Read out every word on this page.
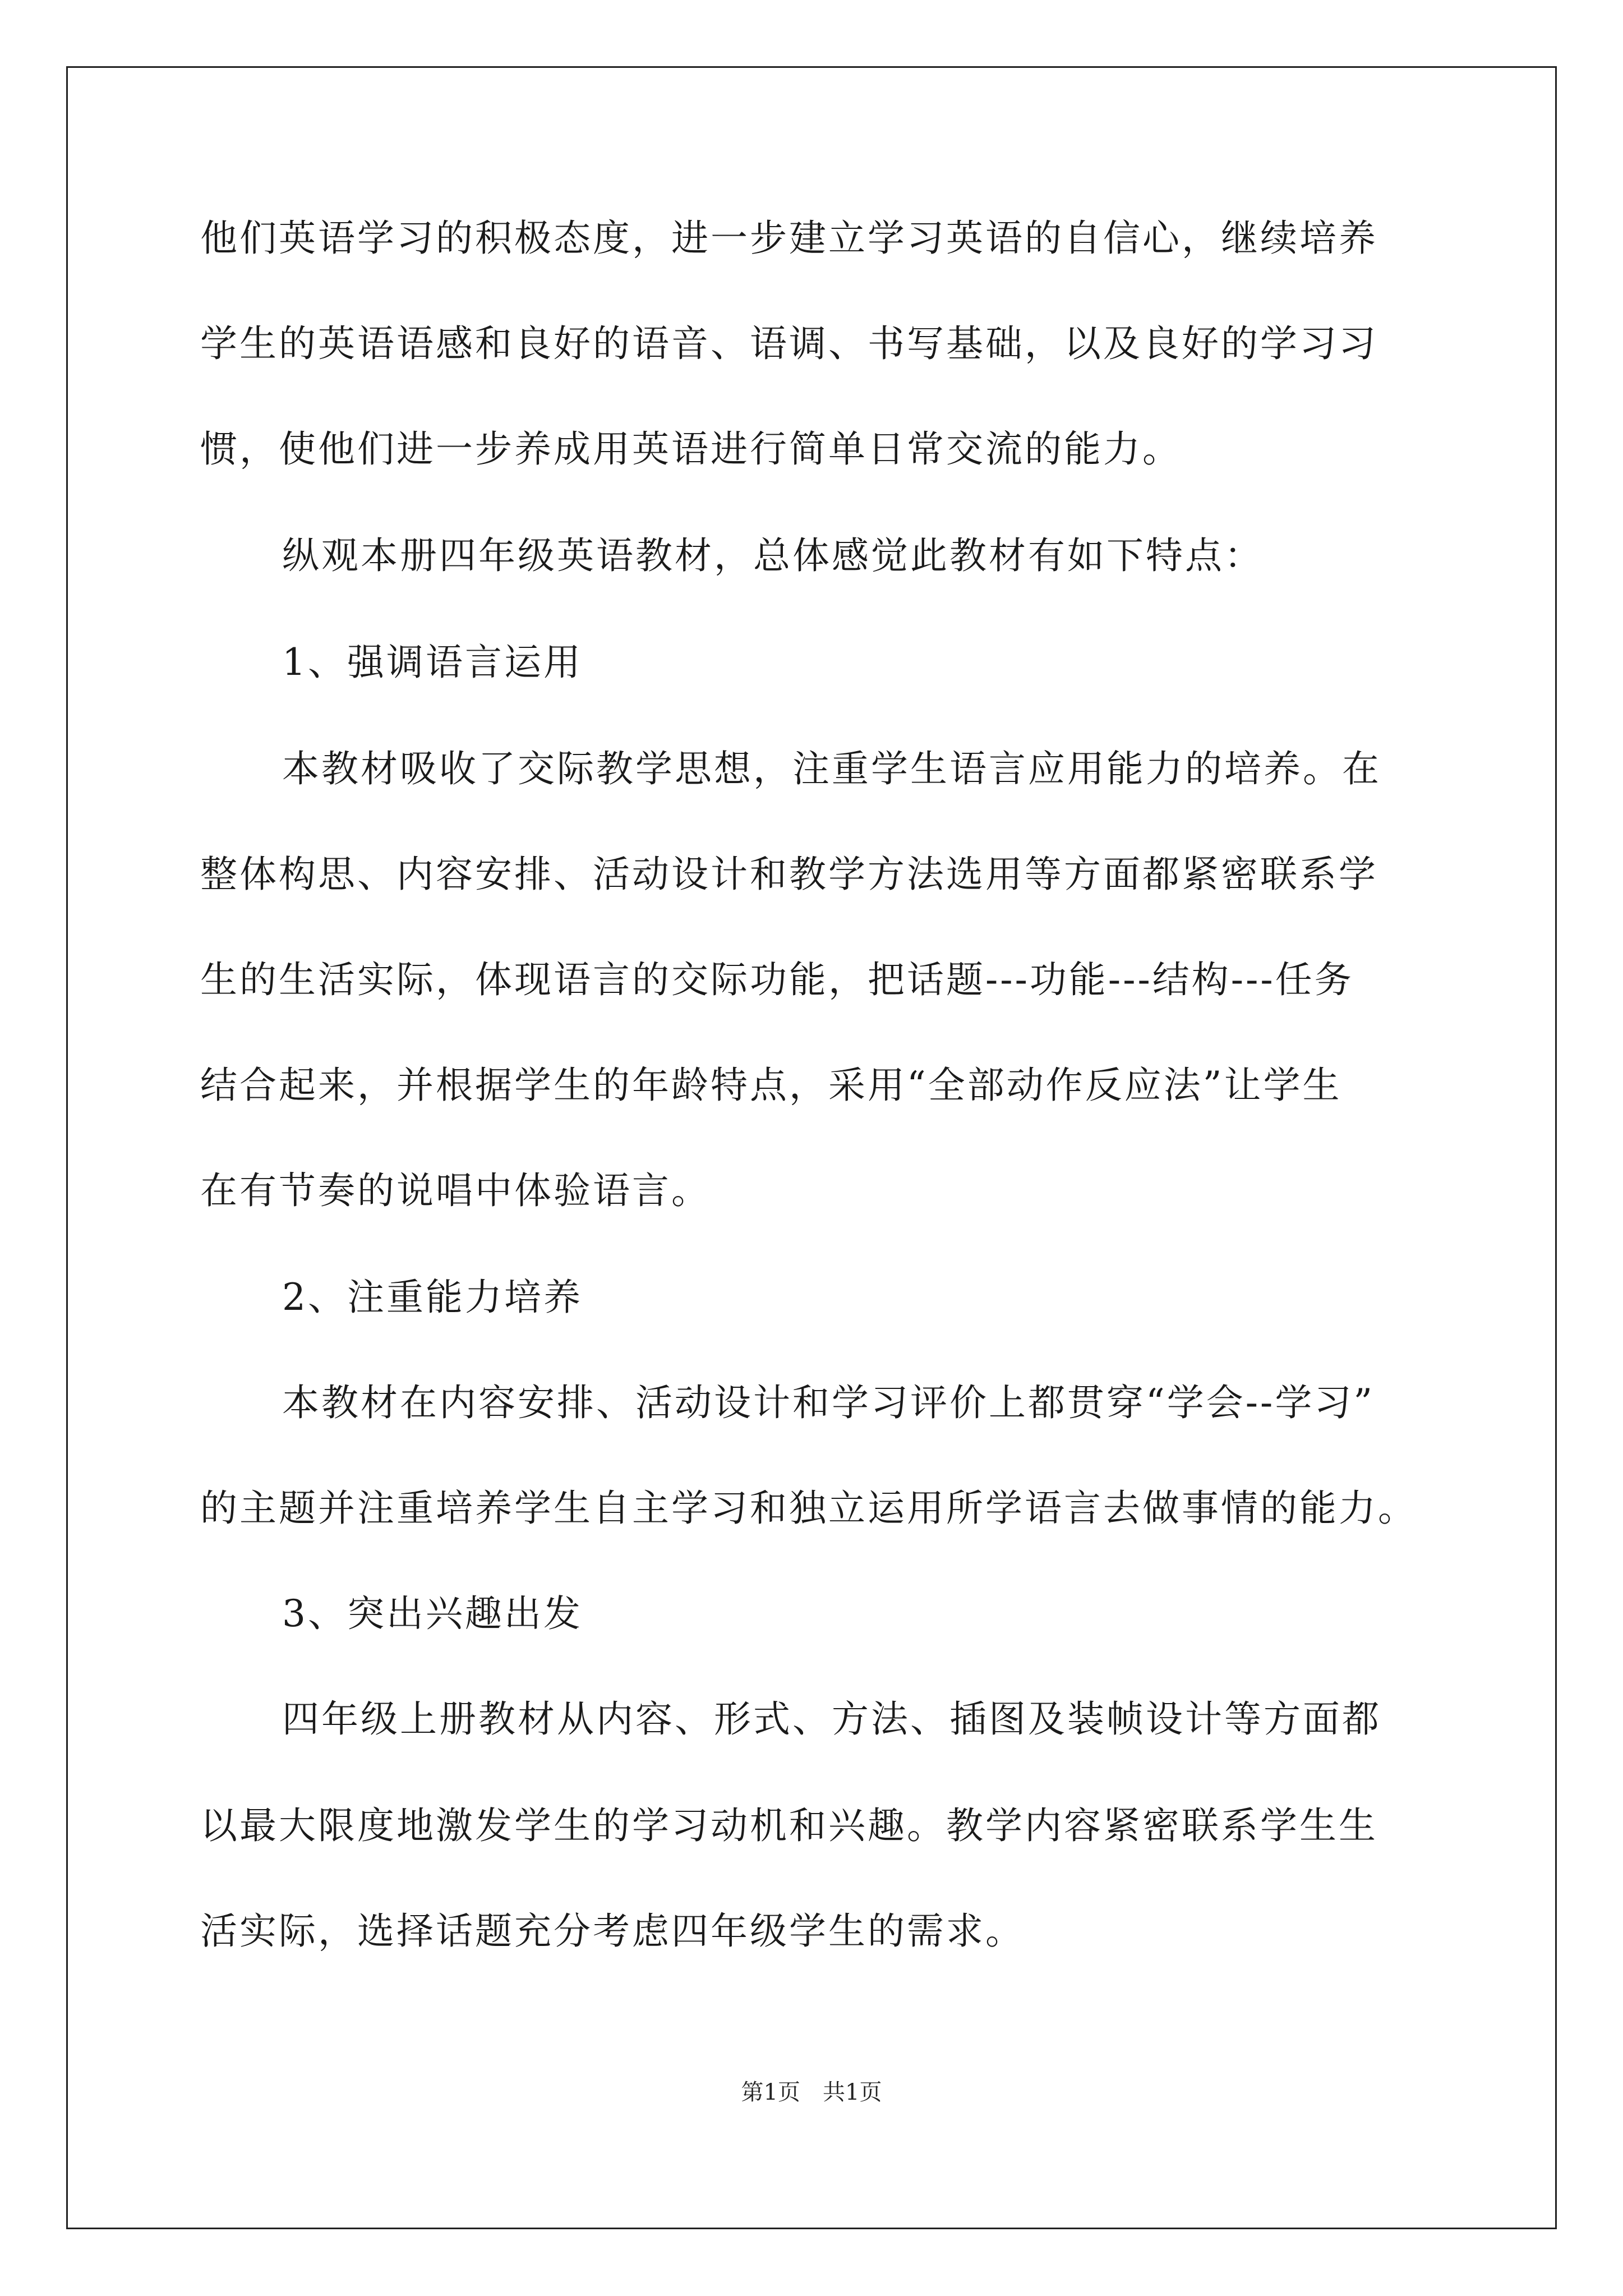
他们英语学习的积极态度，进一步建立学习英语的自信心，继续培养
学生的英语语感和良好的语音、语调、书写基础，以及良好的学习习
惯，使他们进一步养成用英语进行简单日常交流的能力。
纵观本册四年级英语教材，总体感觉此教材有如下特点：
1、强调语言运用
本教材吸收了交际教学思想，注重学生语言应用能力的培养。在
整体构思、内容安排、活动设计和教学方法选用等方面都紧密联系学
生的生活实际，体现语言的交际功能，把话题---功能---结构---任务
结合起来，并根据学生的年龄特点，采用“全部动作反应法”让学生
在有节奏的说唱中体验语言。
2、注重能力培养
本教材在内容安排、活动设计和学习评价上都贯穿“学会--学习”
的主题并注重培养学生自主学习和独立运用所学语言去做事情的能力。
3、突出兴趣出发
四年级上册教材从内容、形式、方法、插图及装帧设计等方面都
以最大限度地激发学生的学习动机和兴趣。教学内容紧密联系学生生
活实际，选择话题充分考虑四年级学生的需求。
第1页　共1页
